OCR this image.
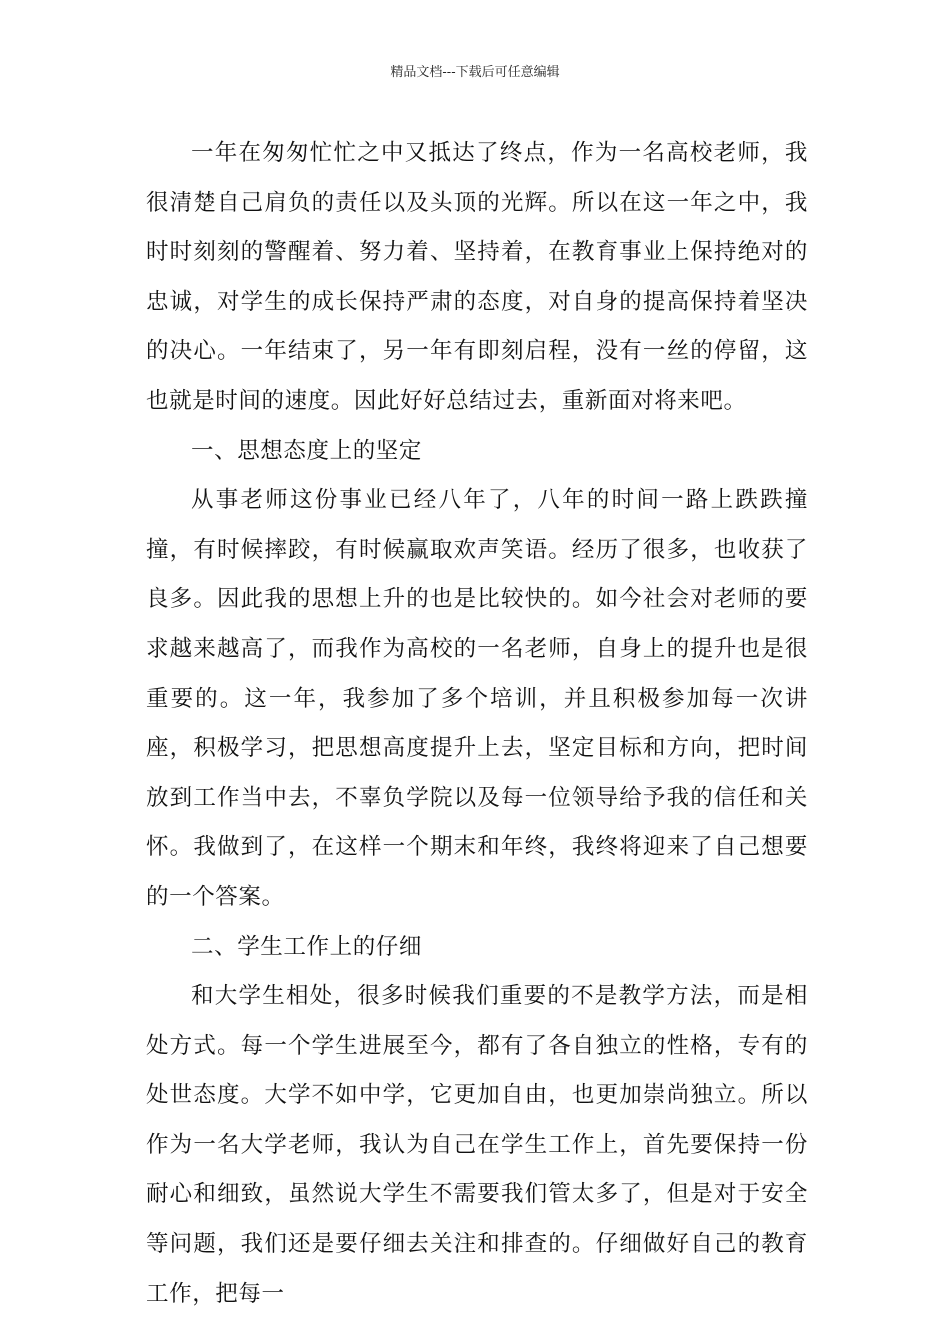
精品文档---下载后可任意编辑

一年在匆匆忙忙之中又抵达了终点，作为一名高校老师，我很清楚自己肩负的责任以及头顶的光辉。所以在这一年之中，我时时刻刻的警醒着、努力着、坚持着，在教育事业上保持绝对的忠诚，对学生的成长保持严肃的态度，对自身的提高保持着坚决的决心。一年结束了，另一年有即刻启程，没有一丝的停留，这也就是时间的速度。因此好好总结过去，重新面对将来吧。

一、思想态度上的坚定

从事老师这份事业已经八年了，八年的时间一路上跌跌撞撞，有时候摔跤，有时候赢取欢声笑语。经历了很多，也收获了良多。因此我的思想上升的也是比较快的。如今社会对老师的要求越来越高了，而我作为高校的一名老师，自身上的提升也是很重要的。这一年，我参加了多个培训，并且积极参加每一次讲座，积极学习，把思想高度提升上去，坚定目标和方向，把时间放到工作当中去，不辜负学院以及每一位领导给予我的信任和关怀。我做到了，在这样一个期末和年终，我终将迎来了自己想要的一个答案。

二、学生工作上的仔细

和大学生相处，很多时候我们重要的不是教学方法，而是相处方式。每一个学生进展至今，都有了各自独立的性格，专有的处世态度。大学不如中学，它更加自由，也更加崇尚独立。所以作为一名大学老师，我认为自己在学生工作上，首先要保持一份耐心和细致，虽然说大学生不需要我们管太多了，但是对于安全等问题，我们还是要仔细去关注和排查的。仔细做好自己的教育工作，把每一
